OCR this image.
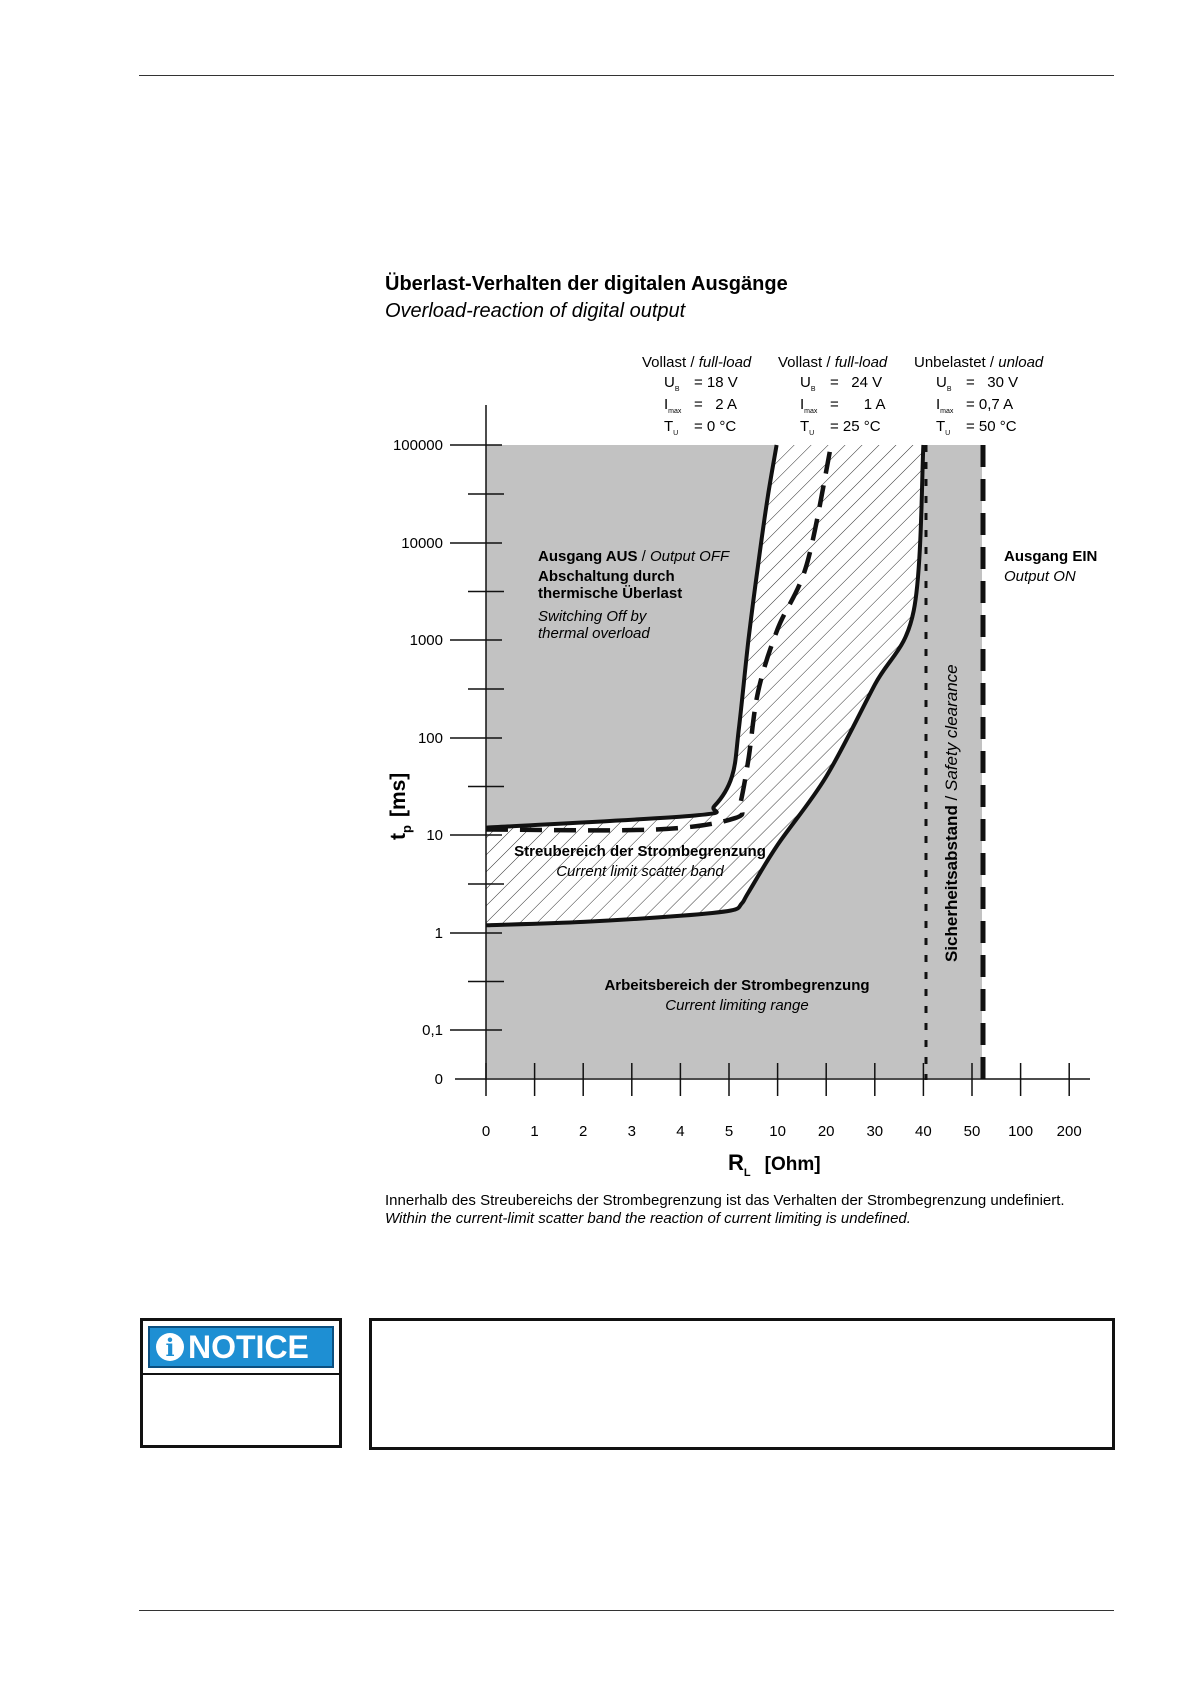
Überlast-Verhalten der digitalen Ausgänge
Overload-reaction of digital output
0
0,1
1
10
100
1000
10000
100000
0	1	2	3	4	5 10 20 30 40 50 100 200
$R_L$ [Ohm]
$t_p[ms]$
Vollast / full-load
$U_B = 18$ V
$I_{max} = 2$ A
$T_U = 0$ °C
Vollast / full-load
$U_B = 24$ V
$I_{max}$ =      1 A
$T_U = 25$ °C
Unbelastet / unload
$U_B = 30$ V
$I_{max} = 0,7$ A
$T_U = 50$ °C
Ausgang AUS / Output OFF
Abschaltung durch
thermische Überlast
Switching Off by
thermal overload
Streubereich der Strombegrenzung
Current limit scatter band
Arbeitsbereich der Strombegrenzung
Current limiting range
Ausgang EIN
Output ON
Sicherheitsabstand / Safety clearance
Innerhalb des Streubereichs der Strombegrenzung ist das Verhalten der Strombegrenzung undefiniert.
Within the current-limit scatter band the reaction of current limiting is undefined.
i NOTICE
